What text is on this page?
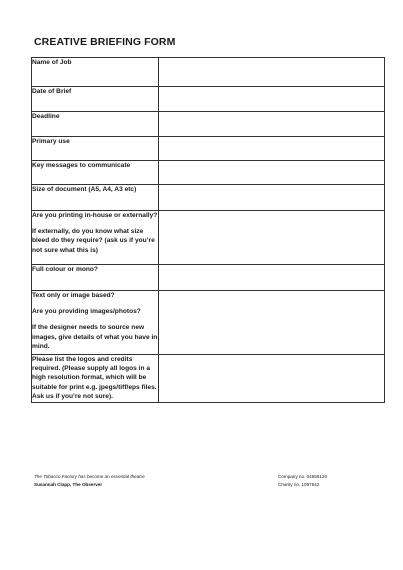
CREATIVE BRIEFING FORM
Name of Job	

Date of Brief	

Deadline	

Primary use	

Key messages to communicate	

Size of document (A5, A4, A3 etc)	

Are you printing in-house or externally?
If externally, do you know what size bleed do they require? (ask us if you’re not sure what this is)	

Full colour or mono?	

Text only or image based?
Are you providing images/photos?
If the designer needs to source new images, give details of what you have in mind.	

Please list the logos and credits required. (Please supply all logos in a high resolution format, which will be suitable for print e.g. jpegs/tiff/eps files. Ask us if you’re not sure).	

The Tobacco Factory has become an essential theatre
Susannah Clapp, The Observer
Company no. 04556120
Charity no. 1097542
